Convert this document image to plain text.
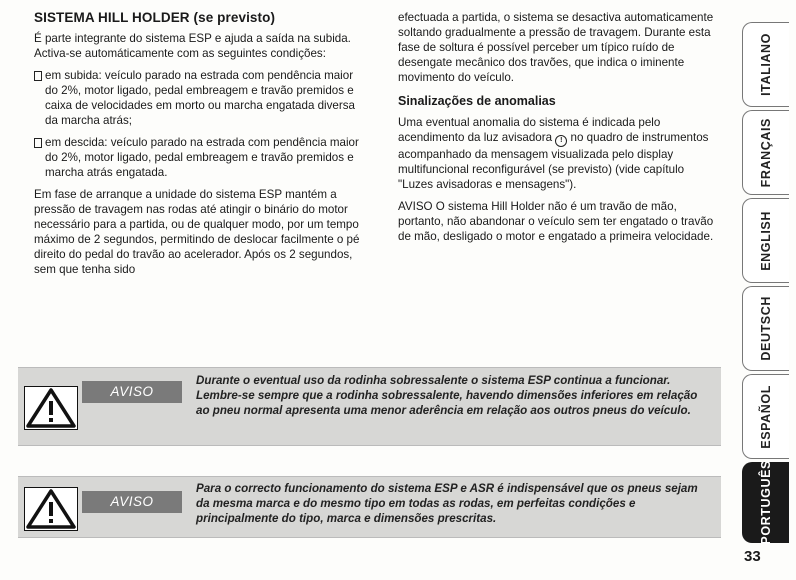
SISTEMA HILL HOLDER (se previsto)

É parte integrante do sistema ESP e ajuda a saída na subida. Activa-se automáticamente com as seguintes condições:

em subida: veículo parado na estrada com pendência maior do 2%, motor ligado, pedal embreagem e travão premidos e caixa de velocidades em morto ou marcha engatada diversa da marcha atrás;
em descida: veículo parado na estrada com pendência maior do 2%, motor ligado, pedal embreagem e travão premidos e marcha atrás engatada.

Em fase de arranque a unidade do sistema ESP mantém a pressão de travagem nas rodas até atingir o binário do motor necessário para a partida, ou de qualquer modo, por um tempo máximo de 2 segundos, permitindo de deslocar facilmente o pé direito do pedal do travão ao acelerador. Após os 2 segundos, sem que tenha sido

efectuada a partida, o sistema se desactiva automaticamente soltando gradualmente a pressão de travagem. Durante esta fase de soltura é possível perceber um típico ruído de desengate mecânico dos travões, que indica o iminente movimento do veículo.

Sinalizações de anomalias

Uma eventual anomalia do sistema é indicada pelo acendimento da luz avisadora ! no quadro de instrumentos acompanhado da mensagem visualizada pelo display multifuncional reconfigurável (se previsto) (vide capítulo "Luzes avisadoras e mensagens").

AVISO O sistema Hill Holder não é um travão de mão, portanto, não abandonar o veículo sem ter engatado o travão de mão, desligado o motor e engatado a primeira velocidade.

AVISO
Durante o eventual uso da rodinha sobressalente o sistema ESP continua a funcionar. Lembre-se sempre que a rodinha sobressalente, havendo dimensões inferiores em relação ao pneu normal apresenta uma menor aderência em relação aos outros pneus do veículo.
AVISO
Para o correcto funcionamento do sistema ESP e ASR é indispensável que os pneus sejam da mesma marca e do mesmo tipo em todas as rodas, em perfeitas condições e principalmente do tipo, marca e dimensões prescritas.
ITALIANO
FRANÇAIS
ENGLISH
DEUTSCH
ESPAÑOL
PORTUGUÊS
33
